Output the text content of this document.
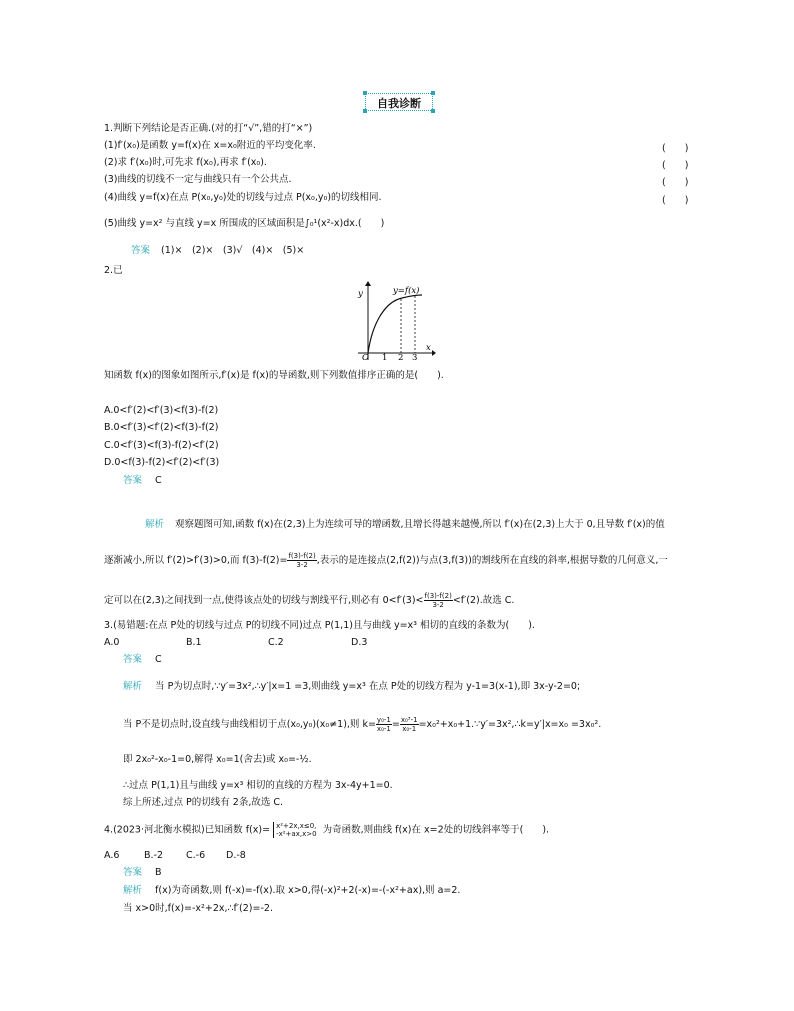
自我诊断
1.判断下列结论是否正确.(对的打“√”,错的打“×”)
(1)f′(x₀)是函数 y=f(x)在 x=x₀附近的平均变化率.	(　　)
(2)求 f′(x₀)时,可先求 f(x₀),再求 f′(x₀).	(　　)
(3)曲线的切线不一定与曲线只有一个公共点.	(　　)
(4)曲线 y=f(x)在点 P(x₀,y₀)处的切线与过点 P(x₀,y₀)的切线相同.	(　　)
(5)曲线 y=x² 与直线 y=x 所围成的区域面积是∫₀¹(x²-x)dx.(　　)
答案 (1)×　(2)×　(3)√　(4)×　(5)×
2.已
y=f(x)
y
x
O 1 2 3
知函数 f(x)的图象如图所示,f′(x)是 f(x)的导函数,则下列数值排序正确的是(　　).
A.0<f′(2)<f′(3)<f(3)-f(2)
B.0<f′(3)<f′(2)<f(3)-f(2)
C.0<f′(3)<f(3)-f(2)<f′(2)
D.0<f(3)-f(2)<f′(2)<f′(3)
答案 C
解析 观察题图可知,函数 f(x)在(2,3)上为连续可导的增函数,且增长得越来越慢,所以 f′(x)在(2,3)上大于 0,且导数 f′(x)的值
逐渐减小,所以 f′(2)>f′(3)>0,而 $f(3)-f(2)= \frac{f(3)-f(2)}{3-2}$ ,表示的是连接点(2,f(2))与点(3,f(3))的割线所在直线的斜率,根据导数的几何意义,一
定可以在(2,3)之间找到一点,使得该点处的切线与割线平行,则必有 $0<f'(3)< \frac{f(3)-f(2)}{3-2} <f'(2)$.故选 C.
3.(易错题:在点 P处的切线与过点 P的切线不同)过点 P(1,1)且与曲线 y=x³ 相切的直线的条数为(　　).
A.0	B.1	C.2	D.3
答案 C
解析 当 P为切点时,∵y′=3x²,∴y′|x=1 =3,则曲线 y=x³ 在点 P处的切线方程为 y-1=3(x-1),即 3x-y-2=0;
当 P不是切点时,设直线与曲线相切于点(x₀,y₀)(x₀≠1),则 $k= \frac{\text{y₀-1}}{\text{x₀-1}} = \frac{\text{x₀³-1}}{\text{x₀-1}}$ =x₀²+x₀+1.∵y′=3x²,∴k=y′|x=x₀ =3x₀².
即 2x₀²-x₀-1=0,解得 x₀=1(舍去)或 x₀=-½.
∴过点 P(1,1)且与曲线 y=x³ 相切的直线的方程为 3x-4y+1=0.
综上所述,过点 P的切线有 2条,故选 C.
4.(2023·河北衡水模拟)已知函数 f(x)= x²+2x,x≤0,
-x²+ax,x>0 为奇函数,则曲线 f(x)在 x=2处的切线斜率等于(　　).
A.6	B.-2 C.-6 D.-8
答案 B
解析 f(x)为奇函数,则 f(-x)=-f(x).取 x>0,得(-x)²+2(-x)=-(-x²+ax),则 a=2.
当 x>0时,f(x)=-x²+2x,∴f′(2)=-2.
